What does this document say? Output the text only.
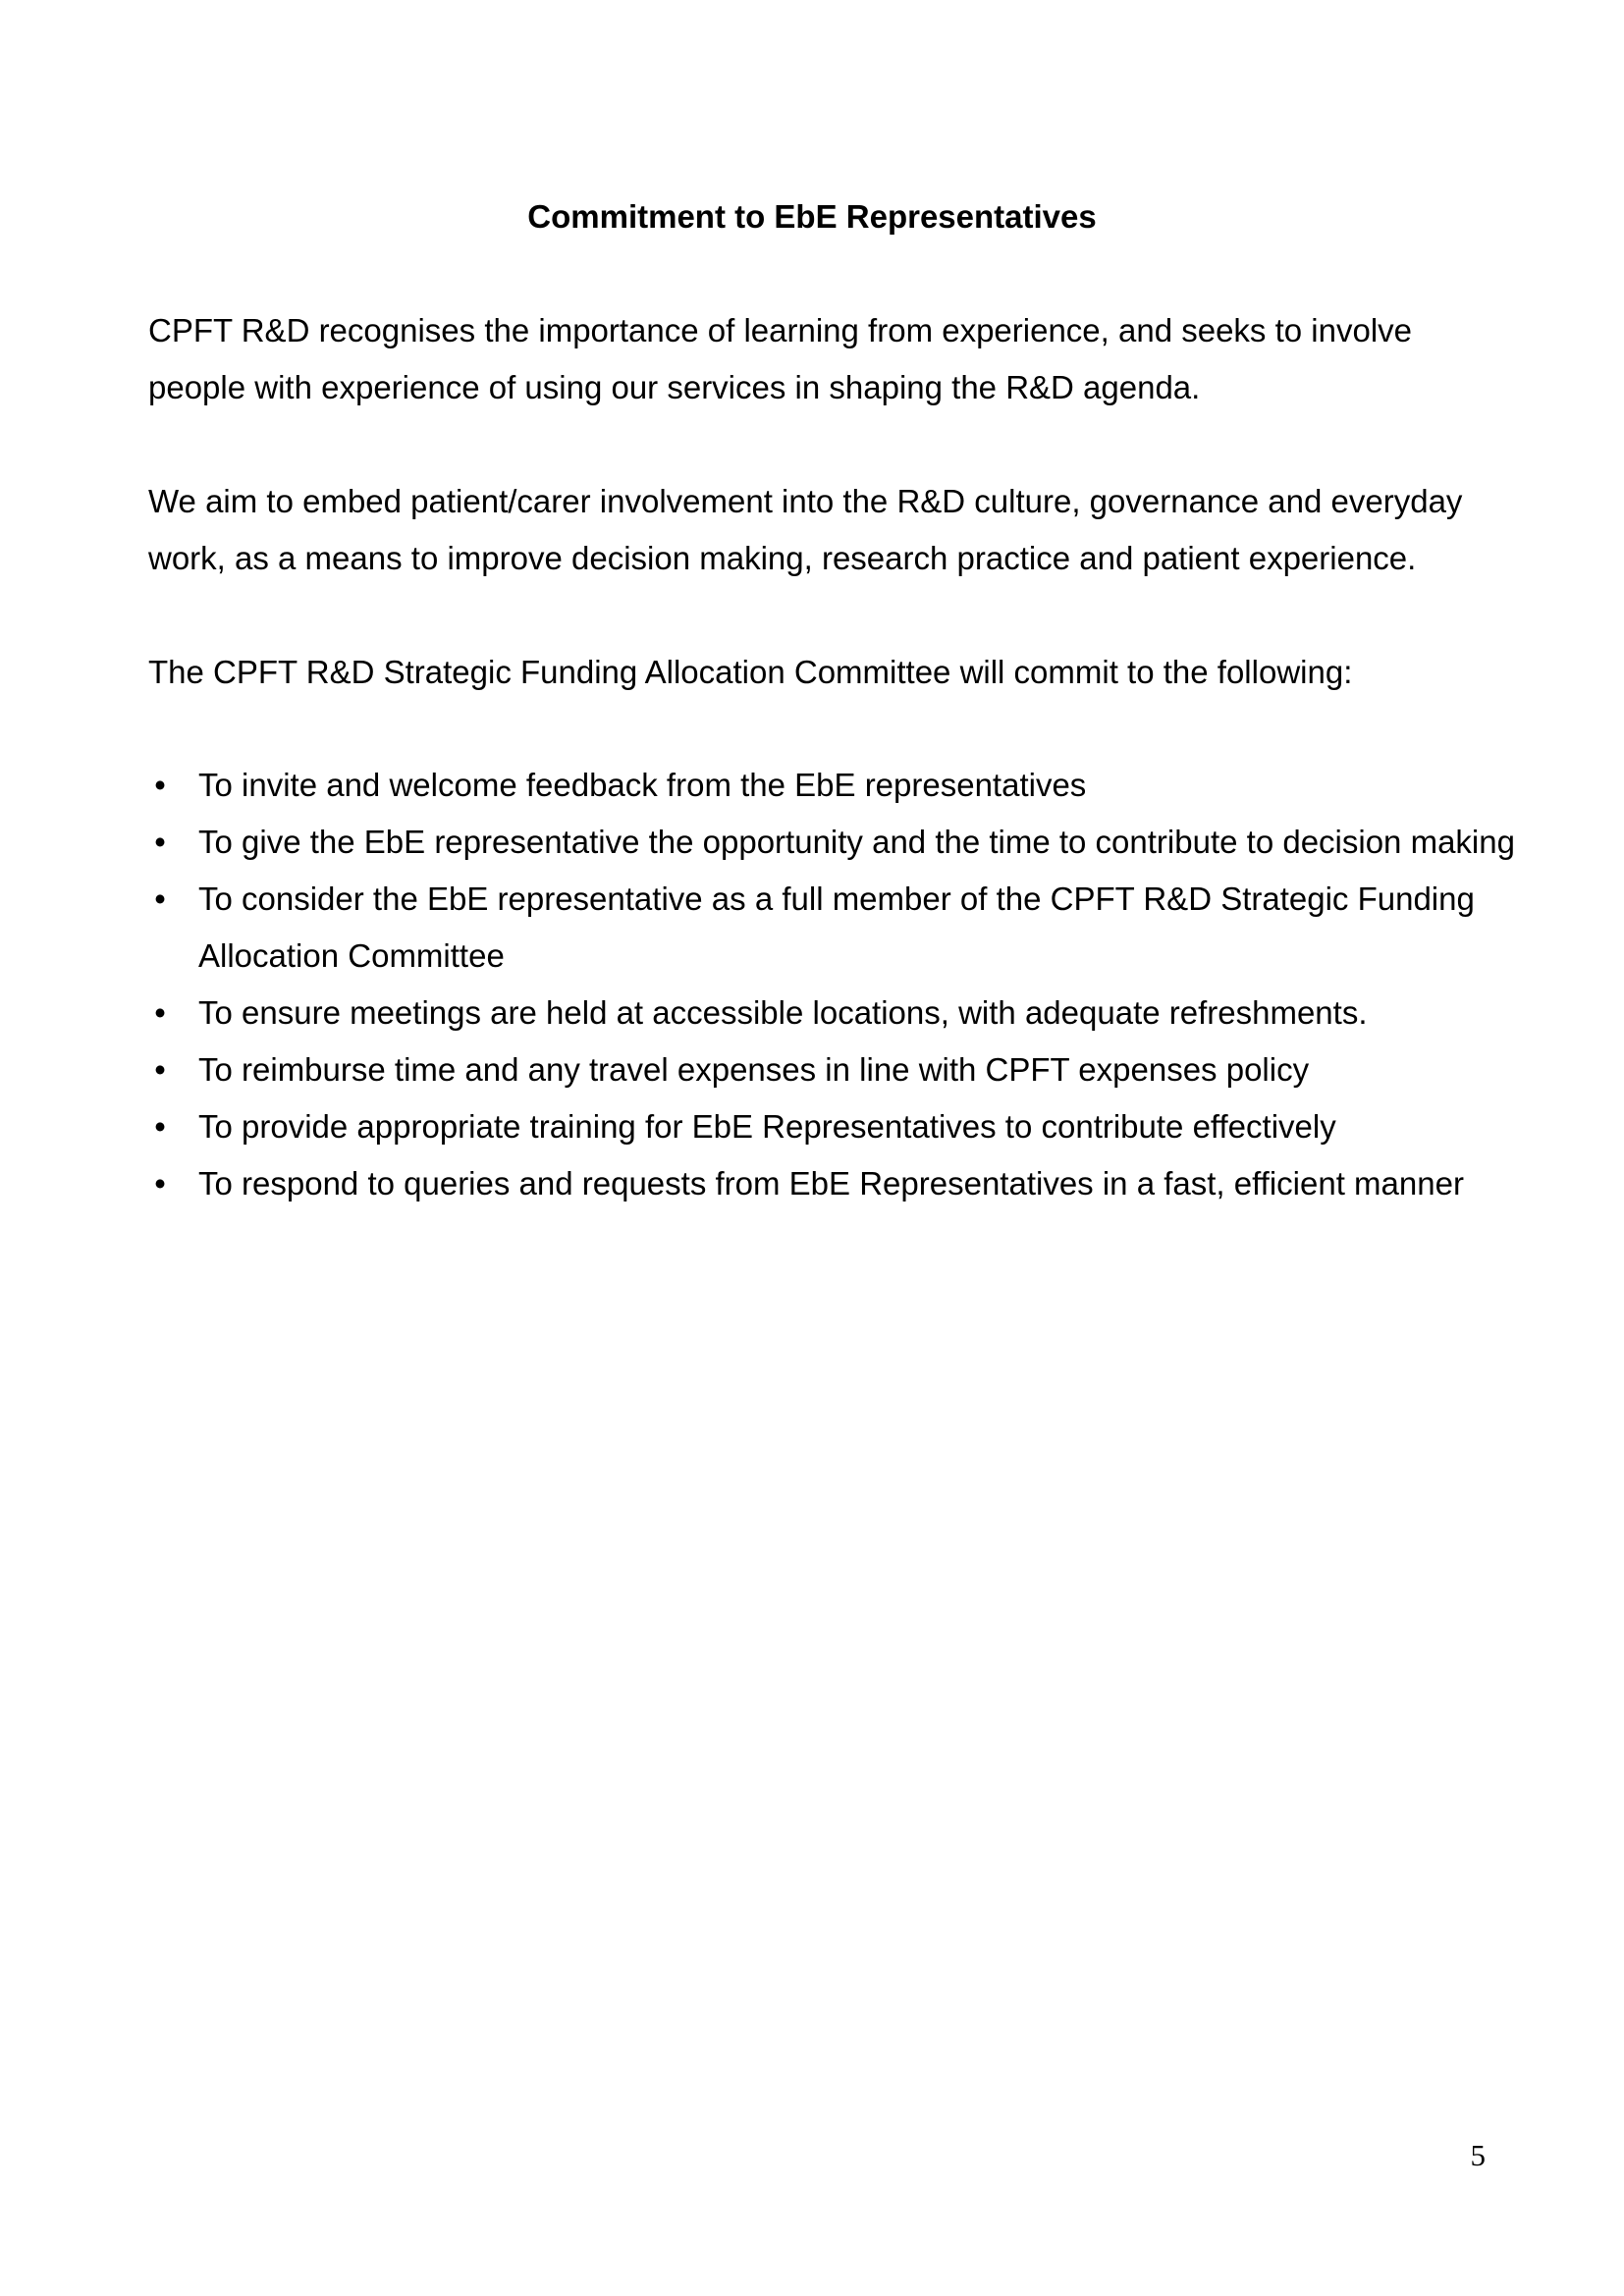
Commitment to EbE Representatives

CPFT R&D recognises the importance of learning from experience, and seeks to involve people with experience of using our services in shaping the R&D agenda.

We aim to embed patient/carer involvement into the R&D culture, governance and everyday work, as a means to improve decision making, research practice and patient experience.

The CPFT R&D Strategic Funding Allocation Committee will commit to the following:

• To invite and welcome feedback from the EbE representatives
• To give the EbE representative the opportunity and the time to contribute to decision making
• To consider the EbE representative as a full member of the CPFT R&D Strategic Funding Allocation Committee
• To ensure meetings are held at accessible locations, with adequate refreshments.
• To reimburse time and any travel expenses in line with CPFT expenses policy
• To provide appropriate training for EbE Representatives to contribute effectively
• To respond to queries and requests from EbE Representatives in a fast, efficient manner
5
